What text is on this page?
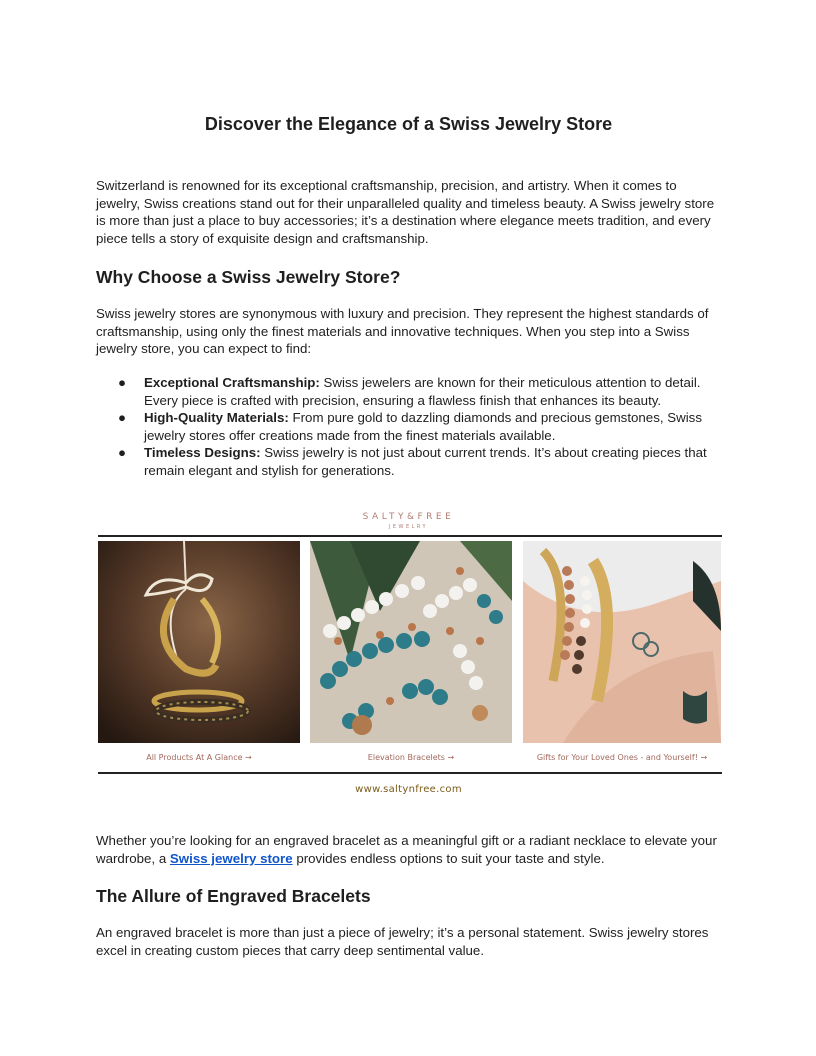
Discover the Elegance of a Swiss Jewelry Store

Switzerland is renowned for its exceptional craftsmanship, precision, and artistry. When it comes to jewelry, Swiss creations stand out for their unparalleled quality and timeless beauty. A Swiss jewelry store is more than just a place to buy accessories; it’s a destination where elegance meets tradition, and every piece tells a story of exquisite design and craftsmanship.

Why Choose a Swiss Jewelry Store?

Swiss jewelry stores are synonymous with luxury and precision. They represent the highest standards of craftsmanship, using only the finest materials and innovative techniques. When you step into a Swiss jewelry store, you can expect to find:

● Exceptional Craftsmanship: Swiss jewelers are known for their meticulous attention to detail. Every piece is crafted with precision, ensuring a flawless finish that enhances its beauty.
● High-Quality Materials: From pure gold to dazzling diamonds and precious gemstones, Swiss jewelry stores offer creations made from the finest materials available.
● Timeless Designs: Swiss jewelry is not just about current trends. It’s about creating pieces that remain elegant and stylish for generations.
SALTY&FREE
JEWELRY
All Products At A Glance →	Elevation Bracelets →	Gifts for Your Loved Ones - and Yourself! →
www.saltynfree.com

Whether you’re looking for an engraved bracelet as a meaningful gift or a radiant necklace to elevate your wardrobe, a Swiss jewelry store provides endless options to suit your taste and style.

The Allure of Engraved Bracelets

An engraved bracelet is more than just a piece of jewelry; it’s a personal statement. Swiss jewelry stores excel in creating custom pieces that carry deep sentimental value.
